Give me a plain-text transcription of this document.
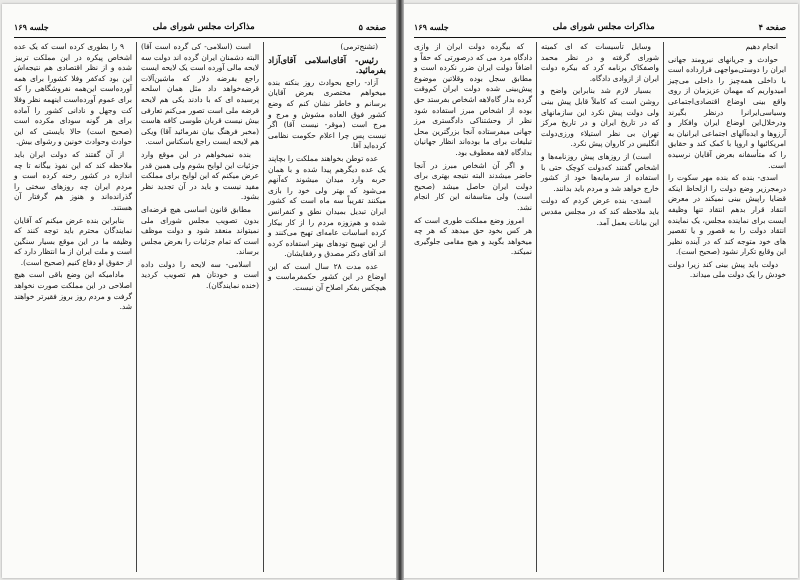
صفحه ۵
مذاکرات مجلس شورای ملی
جلسه ۱۶۹

(تشنج‌ترمی)

رئیس- آقای‌اسلامی آقای‌آزاد بفرمائید.

آزاد- راجع بحوادث روز بنکته بنده میخواهم مختصری بعرض آقایان برسانم و خاطر نشان کنم که وضع کشور فوق العاده مشوش و مرج و مرج است (موقر- نیست آقا) اگر نیست پس چرا اعلام حکومت نظامی کرده‌اید آقا.

عده توطن بخواهند مملکت را بچاپند یک عده دیگرهم پیدا شده و با همان حربه وارد میدان میشوند که‌آنهم می‌شود که بهتر ولی خود را بازی میکنند تقریباً سه ماه است که کشور ایران تبدیل بمیدان نطق و کنفرانس شده و هم‌زوزه مردم را از کار بیکار کرده اساسات عامه‌ای تهیج می‌کنند و از این تهییج تودهای بهتر استفاده کرده اند آقای دکتر مصدق و رفقایشان.

عده مدت ۲۸ سال است که این اوضاع در این کشور حکمفرماست و هیچکس بفکر اصلاح آن نیست.

است (اسلامی- کی گرده است آقا) البته دشمنان ایران گرده اند دولت سه لایحه مالی آورده است یک لایحه ایست راجع بقرضه دلار که ماشین‌آلات قرضه‌خواهد داد مثل همان اسلحه پرسیده ای که با دادند یکی هم لایحه قرضه ملی است تصور می‌کنم تعارفی بیش نیست قربان طوسی کافه هاست (مخبر فرهنگ بیان نفرمائید آقا) ویکی هم لایحه ایست راجع باسکناس است.

بنده نمیخواهم در این موقع وارد جزئیات این لوایح بشوم ولی همین قدر عرض میکنم که این لوایح برای مملکت مفید نیست و باید در آن تجدید نظر بشود.

مطابق قانون اساسی هیچ قرضه‌ای بدون تصویب مجلس شورای ملی نمیتواند منعقد شود و دولت موظف است که تمام جزئیات را بعرض مجلس برساند.

اسلامی- سه لایحه را دولت داده است و خودتان هم تصویب کردید (خنده نمایندگان).

۹ را بطوری کرده است که یک عده اشخاص پیکره در این مملکت ترییز شده و از نظر اقتصادی هم نتیجه‌اش این بود که‌کفر وفلا کشورا برای همه آورده‌است این‌همه نفروشگاهی را که برای عموم آورده‌است اینهمه نظر وفلا کت وجهل و نادانی کشور را آماده برای هر گونه سودای مکرده است (صحیح است) حالا بایستی که این حوادث وحوادث خونین و رشوای بیش.

از آن گفتند که دولت ایران باید ملاحظه کند که این نفوذ بیگانه تا چه اندازه در کشور رخنه کرده است و مردم ایران چه روزهای سختی را گذرانده‌اند و هنوز هم گرفتار آن هستند.

بنابراین بنده عرض میکنم که آقایان نمایندگان محترم باید توجه کنند که وظیفه ما در این موقع بسیار سنگین است و ملت ایران از ما انتظار دارد که از حقوق او دفاع کنیم (صحیح است).

مادامیکه این وضع باقی است هیچ اصلاحی در این مملکت صورت نخواهد گرفت و مردم روز بروز فقیرتر خواهند شد.

صفحه ۴
مذاکرات مجلس شورای ملی
جلسه ۱۶۹

انجام دهیم

حوادث و جریانهای نیرومند جهانی ایران را دوستی‌مواجهی قرارداده است با داخلی همه‌چیز را داخلی می‌چیز امیدواریم که مهمان عزیزمان از روی واقع بینی اوضاع اقتصادی‌اجتماعی وسیاسی‌ایرانرا درنظر بگیرند ودرخلال‌این اوضاع ایران وافکار و آرزوها و ایده‌آلهای اجتماعی ایرانیان به امریکائیها و اروپا با کمک کند و حقایق را که متأسفانه بعرض آقایان نرسیده است.

اسدی- بنده که بنده مهر سکوت را درمجرزیر وضع دولت را ازلحاظ اینکه قضایا راپیش بینی نمیکند در معرض انتقاد قرار بدهم انتقاد تنها وظیفه ایست برای نماینده مجلس، یک نماینده انتقاد دولت را به قصور و یا تقصیر های خود متوجه کند که در آینده نظیر این وقایع تکرار نشود (صحیح است).

دولت باید پیش بینی کند زیرا دولت خودش را یک دولت ملی میداند.

وسایل تأسیسات که ای کمیته شورای گرفته و در نظر محمد واصفکاک برنامه کرد که بیکره دولت ایران از ازوادی دادگاه.

بسیار لازم شد بنابراین واضح و روشن است که کاملاً قابل پیش بینی ولی دولت پیش نکرد این سازمانهای که در تاریخ ایران و در تاریخ مرکز تهران بی نظر استیلاء ورزی‌دولت انگلیس در کاروان پیش نکرد.

است) از روزهای پیش روزنامه‌ها و اشخاص گفتند که‌دولت کوچک حتی با استفاده از سرمایه‌ها خود از کشور خارج خواهد شد و مردم باید بدانند.

اسدی- بنده عرض کردم که دولت باید ملاحظه کند که در مجلس مقدس این بیانات بعمل آمد.

که بیگرده دولت ایران از وازی دادگاه مرد می که درصورتی که حقاً و اضافاً دولت ایران ضرر نکرده است و مطابق سجل بوده وقلاتین موضوع پیش‌بینی شده دولت ایران کم‌وقت گرده بدار گاه‌لاهه اشخاص بفرستد حق بوده از اشخاص مبرز استفاده شود نظر از وحشتناکی دادگستری مرز جهانی میفرستاده آنجا بزرگترین محل تبلیغات برای ما بوده‌اند انظار جهانیان بدادگاه لاهه معطوف بود.

و اگر آن اشخاص مبرز در آنجا حاضر میشدند البته نتیجه بهتری برای دولت ایران حاصل میشد (صحیح است) ولی متاسفانه این کار انجام نشد.

امروز وضع مملکت طوری است که هر کس بخود حق میدهد که هر چه میخواهد بگوید و هیچ مقامی جلوگیری نمیکند.
